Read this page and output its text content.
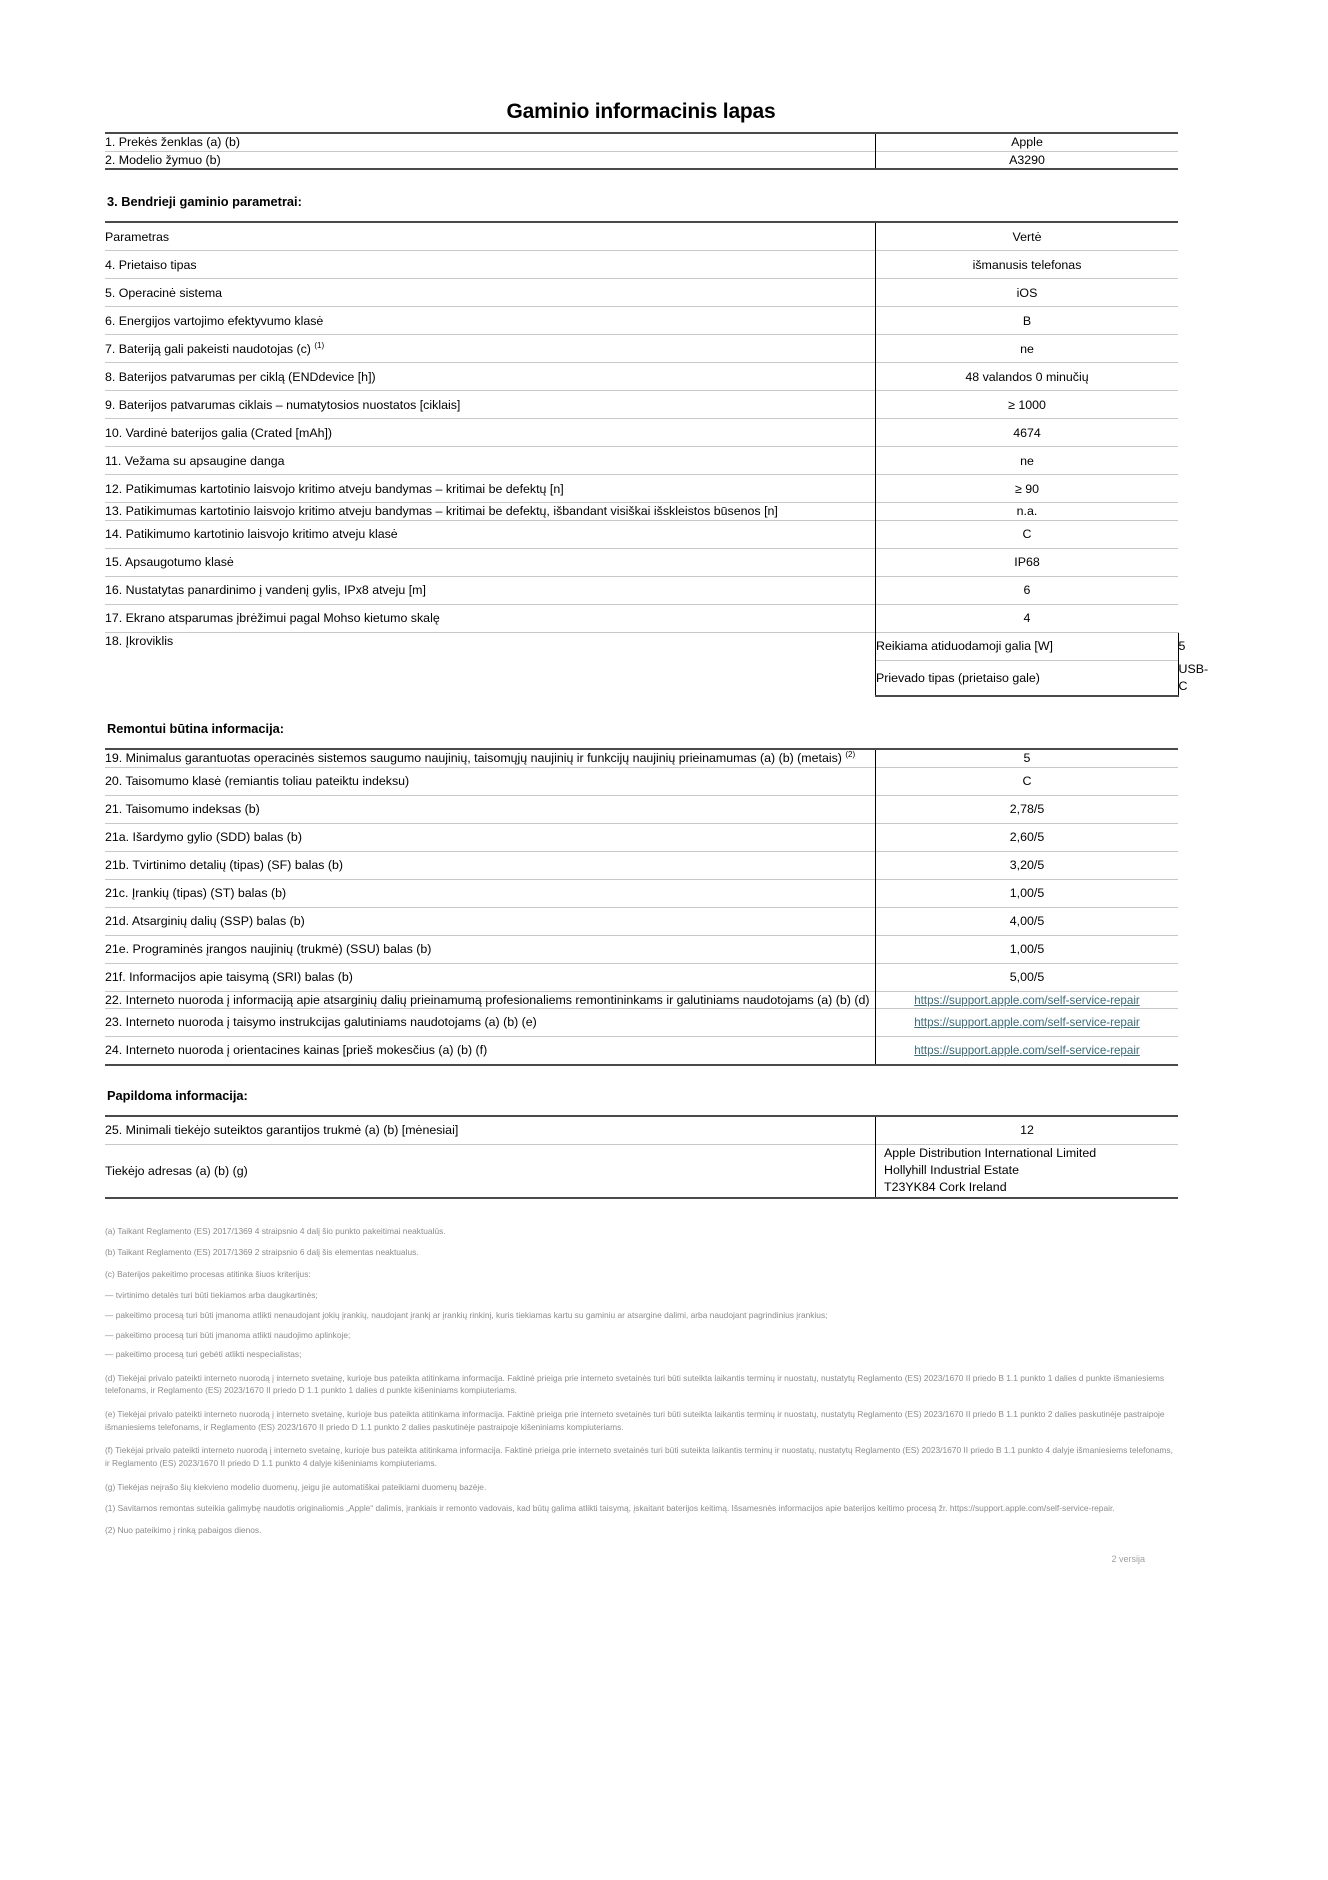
Gaminio informacinis lapas
1. Prekės ženklas (a) (b)	Apple
2. Modelio žymuo (b)	A3290
3. Bendrieji gaminio parametrai:
Parametras	Vertė	
4. Prietaiso tipas	išmanusis telefonas	
5. Operacinė sistema	iOS	
6. Energijos vartojimo efektyvumo klasė	B	
7. Bateriją gali pakeisti naudotojas (c) $^{(1)}$	ne	
8. Baterijos patvarumas per ciklą (ENDdevice [h])	48 valandos 0 minučių	
9. Baterijos patvarumas ciklais – numatytosios nuostatos [ciklais]	≥ 1000	
10. Vardinė baterijos galia (Crated [mAh])	4674	
11. Vežama su apsaugine danga	ne	
12. Patikimumas kartotinio laisvojo kritimo atveju bandymas – kritimai be defektų [n]	≥ 90	
13. Patikimumas kartotinio laisvojo kritimo atveju bandymas – kritimai be defektų, išbandant visiškai išskleistos būsenos [n]	n.a.	
14. Patikimumo kartotinio laisvojo kritimo atveju klasė	C	
15. Apsaugotumo klasė	IP68	
16. Nustatytas panardinimo į vandenį gylis, IPx8 atveju [m]	6	
17. Ekrano atsparumas įbrėžimui pagal Mohso kietumo skalę	4	
18. Įkroviklis	Reikiama atiduodamoji galia [W]	5
	Prievado tipas (prietaiso gale)	USB-C
Remontui būtina informacija:
19. Minimalus garantuotas operacinės sistemos saugumo naujinių, taisomųjų naujinių ir funkcijų naujinių prieinamumas (a) (b) (metais) $^{(2)}$	5
20. Taisomumo klasė (remiantis toliau pateiktu indeksu)	C
21. Taisomumo indeksas (b)	2,78/5
21a. Išardymo gylio (SDD) balas (b)	2,60/5
21b. Tvirtinimo detalių (tipas) (SF) balas (b)	3,20/5
21c. Įrankių (tipas) (ST) balas (b)	1,00/5
21d. Atsarginių dalių (SSP) balas (b)	4,00/5
21e. Programinės įrangos naujinių (trukmė) (SSU) balas (b)	1,00/5
21f. Informacijos apie taisymą (SRI) balas (b)	5,00/5
22. Interneto nuoroda į informaciją apie atsarginių dalių prieinamumą profesionaliems remontininkams ir galutiniams naudotojams (a) (b) (d)	https://support.apple.com/self-service-repair
23. Interneto nuoroda į taisymo instrukcijas galutiniams naudotojams (a) (b) (e)	https://support.apple.com/self-service-repair
24. Interneto nuoroda į orientacines kainas [prieš mokesčius (a) (b) (f)	https://support.apple.com/self-service-repair
Papildoma informacija:
25. Minimali tiekėjo suteiktos garantijos trukmė (a) (b) [mėnesiai]	12
Tiekėjo adresas (a) (b) (g)	Apple Distribution International Limited
Hollyhill Industrial Estate
T23YK84 Cork Ireland

(a) Taikant Reglamento (ES) 2017/1369 4 straipsnio 4 dalį šio punkto pakeitimai neaktualūs.

(b) Taikant Reglamento (ES) 2017/1369 2 straipsnio 6 dalį šis elementas neaktualus.

(c) Baterijos pakeitimo procesas atitinka šiuos kriterijus:

— tvirtinimo detalės turi būti tiekiamos arba daugkartinės;

— pakeitimo procesą turi būti įmanoma atlikti nenaudojant jokių įrankių, naudojant įrankį ar įrankių rinkinį, kuris tiekiamas kartu su gaminiu ar atsargine dalimi, arba naudojant pagrindinius įrankius;

— pakeitimo procesą turi būti įmanoma atlikti naudojimo aplinkoje;

— pakeitimo procesą turi gebėti atlikti nespecialistas;

(d) Tiekėjai privalo pateikti interneto nuorodą į interneto svetainę, kurioje bus pateikta atitinkama informacija. Faktinė prieiga prie interneto svetainės turi būti suteikta laikantis terminų ir nuostatų, nustatytų Reglamento (ES) 2023/1670 II priedo B 1.1 punkto 1 dalies d punkte išmaniesiems telefonams, ir Reglamento (ES) 2023/1670 II priedo D 1.1 punkto 1 dalies d punkte kišeniniams kompiuteriams.

(e) Tiekėjai privalo pateikti interneto nuorodą į interneto svetainę, kurioje bus pateikta atitinkama informacija. Faktinė prieiga prie interneto svetainės turi būti suteikta laikantis terminų ir nuostatų, nustatytų Reglamento (ES) 2023/1670 II priedo B 1.1 punkto 2 dalies paskutinėje pastraipoje išmaniesiems telefonams, ir Reglamento (ES) 2023/1670 II priedo D 1.1 punkto 2 dalies paskutinėje pastraipoje kišeniniams kompiuteriams.

(f) Tiekėjai privalo pateikti interneto nuorodą į interneto svetainę, kurioje bus pateikta atitinkama informacija. Faktinė prieiga prie interneto svetainės turi būti suteikta laikantis terminų ir nuostatų, nustatytų Reglamento (ES) 2023/1670 II priedo B 1.1 punkto 4 dalyje išmaniesiems telefonams, ir Reglamento (ES) 2023/1670 II priedo D 1.1 punkto 4 dalyje kišeniniams kompiuteriams.

(g) Tiekėjas neįrašo šių kiekvieno modelio duomenų, jeigu jie automatiškai pateikiami duomenų bazėje.

(1) Savitarnos remontas suteikia galimybę naudotis originaliomis „Apple“ dalimis, įrankiais ir remonto vadovais, kad būtų galima atlikti taisymą, įskaitant baterijos keitimą. Išsamesnės informacijos apie baterijos keitimo procesą žr. https://support.apple.com/self-service-repair.

(2) Nuo pateikimo į rinką pabaigos dienos.

2 versija
